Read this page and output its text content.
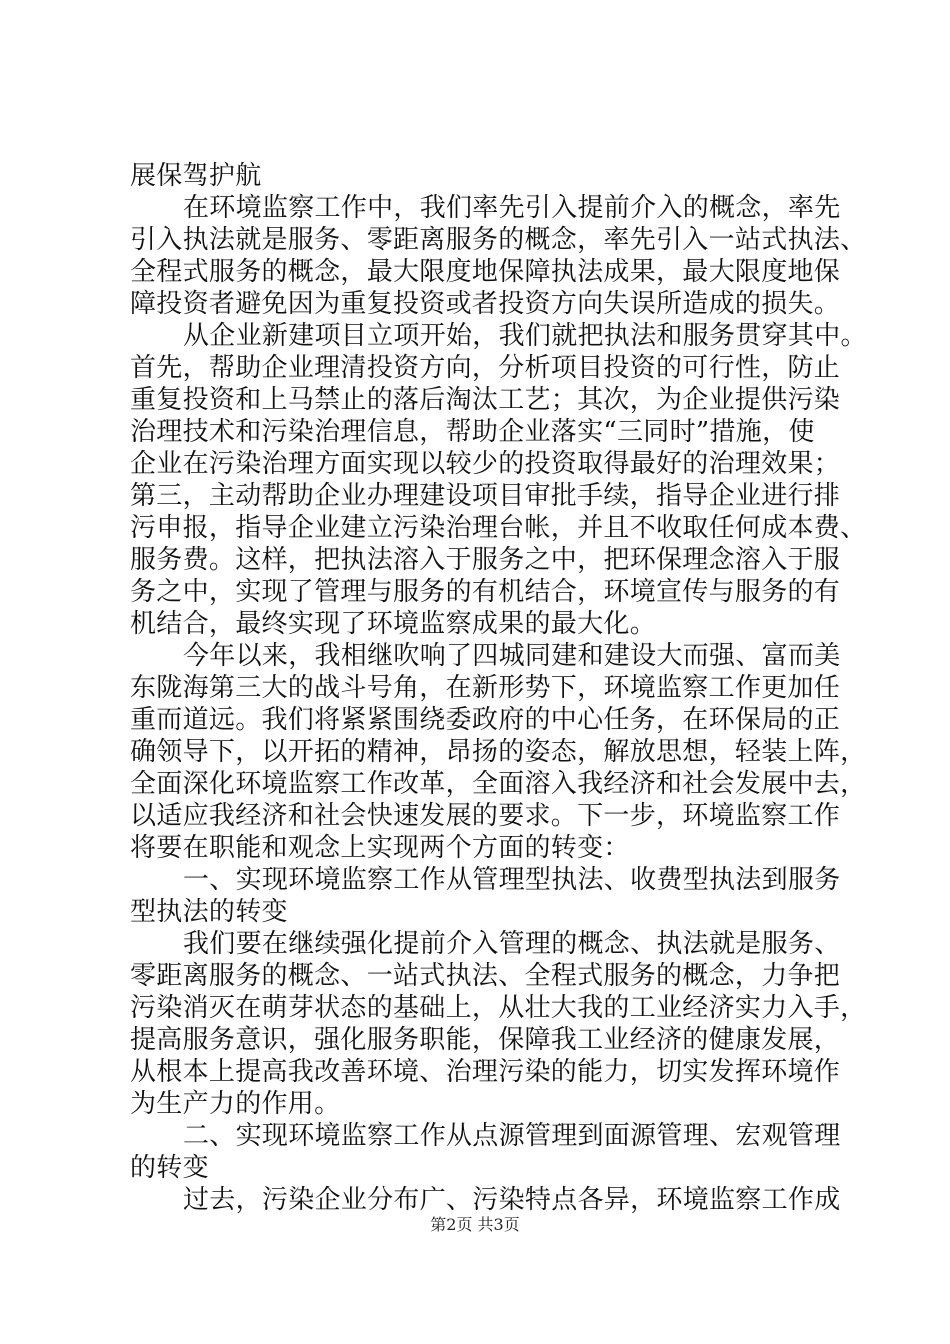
展保驾护航
在环境监察工作中，我们率先引入提前介入的概念，率先
引入执法就是服务、零距离服务的概念，率先引入一站式执法、
全程式服务的概念，最大限度地保障执法成果，最大限度地保
障投资者避免因为重复投资或者投资方向失误所造成的损失。
从企业新建项目立项开始，我们就把执法和服务贯穿其中。
首先，帮助企业理清投资方向，分析项目投资的可行性，防止
重复投资和上马禁止的落后淘汰工艺；其次，为企业提供污染
治理技术和污染治理信息，帮助企业落实“三同时”措施，使
企业在污染治理方面实现以较少的投资取得最好的治理效果；
第三，主动帮助企业办理建设项目审批手续，指导企业进行排
污申报，指导企业建立污染治理台帐，并且不收取任何成本费、
服务费。这样，把执法溶入于服务之中，把环保理念溶入于服
务之中，实现了管理与服务的有机结合，环境宣传与服务的有
机结合，最终实现了环境监察成果的最大化。
今年以来，我相继吹响了四城同建和建设大而强、富而美
东陇海第三大的战斗号角，在新形势下，环境监察工作更加任
重而道远。我们将紧紧围绕委政府的中心任务，在环保局的正
确领导下，以开拓的精神，昂扬的姿态，解放思想，轻装上阵，
全面深化环境监察工作改革，全面溶入我经济和社会发展中去，
以适应我经济和社会快速发展的要求。下一步，环境监察工作
将要在职能和观念上实现两个方面的转变：
一、实现环境监察工作从管理型执法、收费型执法到服务
型执法的转变
我们要在继续强化提前介入管理的概念、执法就是服务、
零距离服务的概念、一站式执法、全程式服务的概念，力争把
污染消灭在萌芽状态的基础上，从壮大我的工业经济实力入手，
提高服务意识，强化服务职能，保障我工业经济的健康发展，
从根本上提高我改善环境、治理污染的能力，切实发挥环境作
为生产力的作用。
二、实现环境监察工作从点源管理到面源管理、宏观管理
的转变
过去，污染企业分布广、污染特点各异，环境监察工作成
第2页 共3页
